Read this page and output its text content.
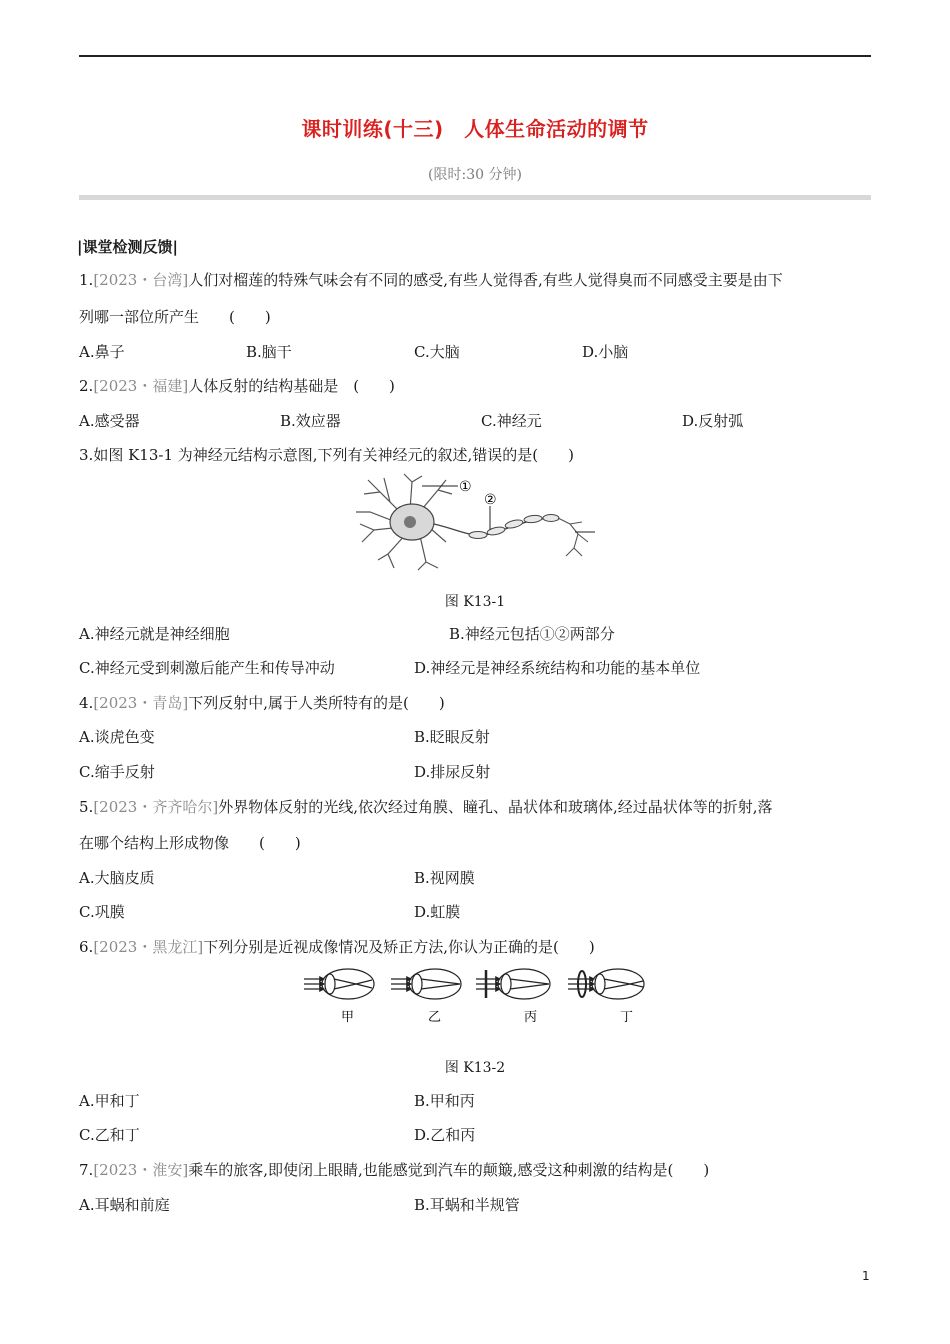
课时训练(十三)　人体生命活动的调节
(限时:30 分钟)
|课堂检测反馈|
1.[2023・台湾]人们对榴莲的特殊气味会有不同的感受,有些人觉得香,有些人觉得臭而不同感受主要是由下
列哪一部位所产生　　(　　)
A.鼻子	B.脑干	C.大脑	D.小脑
2.[2023・福建]人体反射的结构基础是　(　　)
A.感受器	B.效应器	C.神经元	D.反射弧
3.如图 K13-1 为神经元结构示意图,下列有关神经元的叙述,错误的是(　　)
①
②
图 K13-1
A.神经元就是神经细胞	B.神经元包括①②两部分
C.神经元受到刺激后能产生和传导冲动	D.神经元是神经系统结构和功能的基本单位
4.[2023・青岛]下列反射中,属于人类所特有的是(　　)
A.谈虎色变	B.眨眼反射
C.缩手反射	D.排尿反射
5.[2023・齐齐哈尔]外界物体反射的光线,依次经过角膜、瞳孔、晶状体和玻璃体,经过晶状体等的折射,落
在哪个结构上形成物像　　(　　)
A.大脑皮质	B.视网膜
C.巩膜	D.虹膜
6.[2023・黑龙江]下列分别是近视成像情况及矫正方法,你认为正确的是(　　)
甲	乙	丙	丁
图 K13-2
A.甲和丁	B.甲和丙
C.乙和丁	D.乙和丙
7.[2023・淮安]乘车的旅客,即使闭上眼睛,也能感觉到汽车的颠簸,感受这种刺激的结构是(　　)
A.耳蜗和前庭	B.耳蜗和半规管
1
